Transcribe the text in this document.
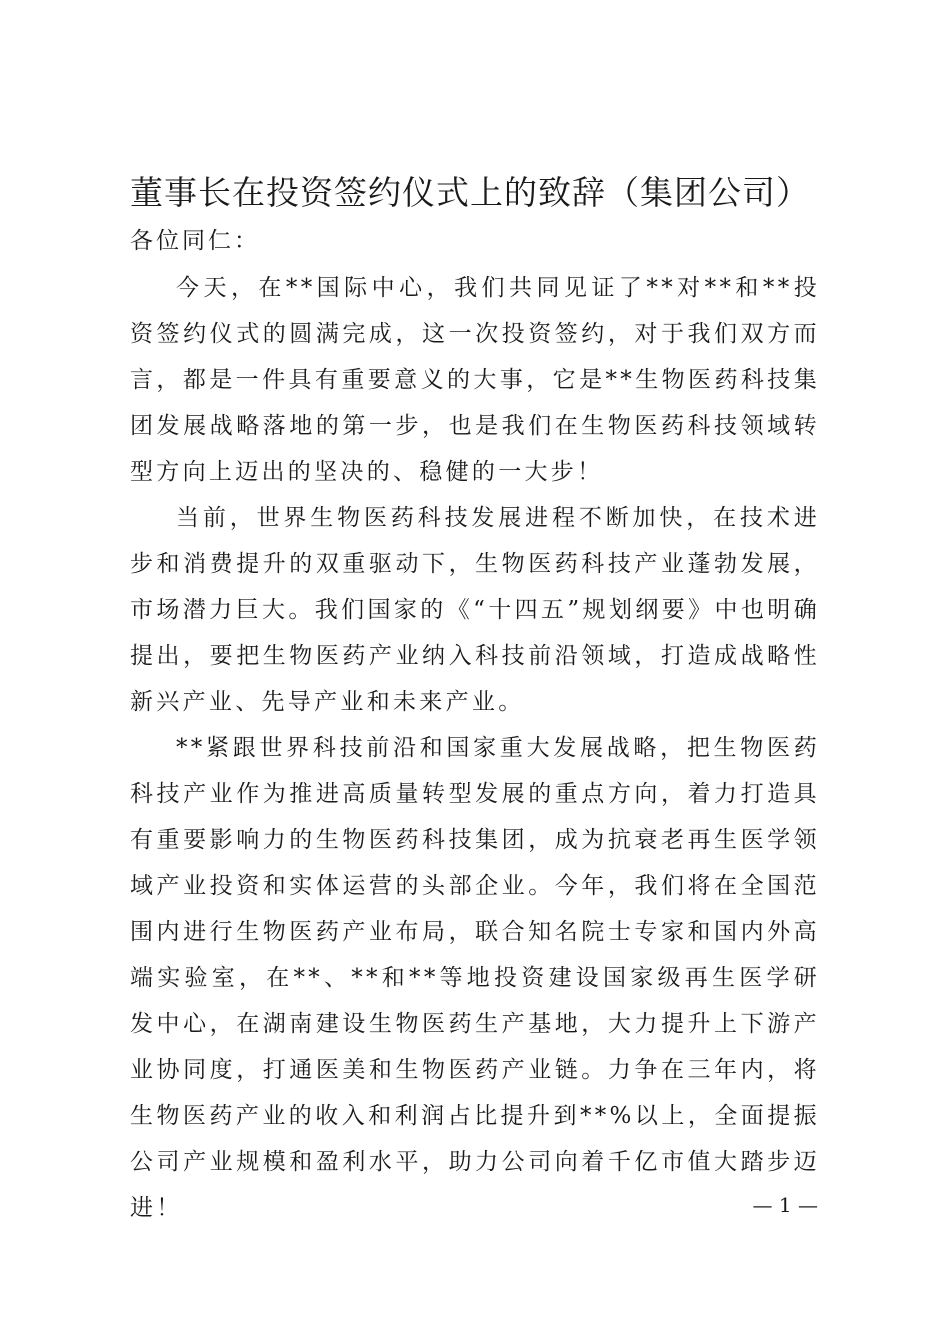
董事长在投资签约仪式上的致辞（集团公司）
各位同仁：

今天，在**国际中心，我们共同见证了**对**和**投资签约仪式的圆满完成，这一次投资签约，对于我们双方而言，都是一件具有重要意义的大事，它是**生物医药科技集团发展战略落地的第一步，也是我们在生物医药科技领域转型方向上迈出的坚决的、稳健的一大步！

当前，世界生物医药科技发展进程不断加快，在技术进步和消费提升的双重驱动下，生物医药科技产业蓬勃发展，市场潜力巨大。我们国家的《“十四五”规划纲要》中也明确提出，要把生物医药产业纳入科技前沿领域，打造成战略性新兴产业、先导产业和未来产业。

**紧跟世界科技前沿和国家重大发展战略，把生物医药科技产业作为推进高质量转型发展的重点方向，着力打造具有重要影响力的生物医药科技集团，成为抗衰老再生医学领域产业投资和实体运营的头部企业。今年，我们将在全国范围内进行生物医药产业布局，联合知名院士专家和国内外高端实验室，在**、**和**等地投资建设国家级再生医学研发中心，在湖南建设生物医药生产基地，大力提升上下游产业协同度，打通医美和生物医药产业链。力争在三年内，将生物医药产业的收入和利润占比提升到**%以上，全面提振公司产业规模和盈利水平，助力公司向着千亿市值大踏步迈进！	— 1 —
